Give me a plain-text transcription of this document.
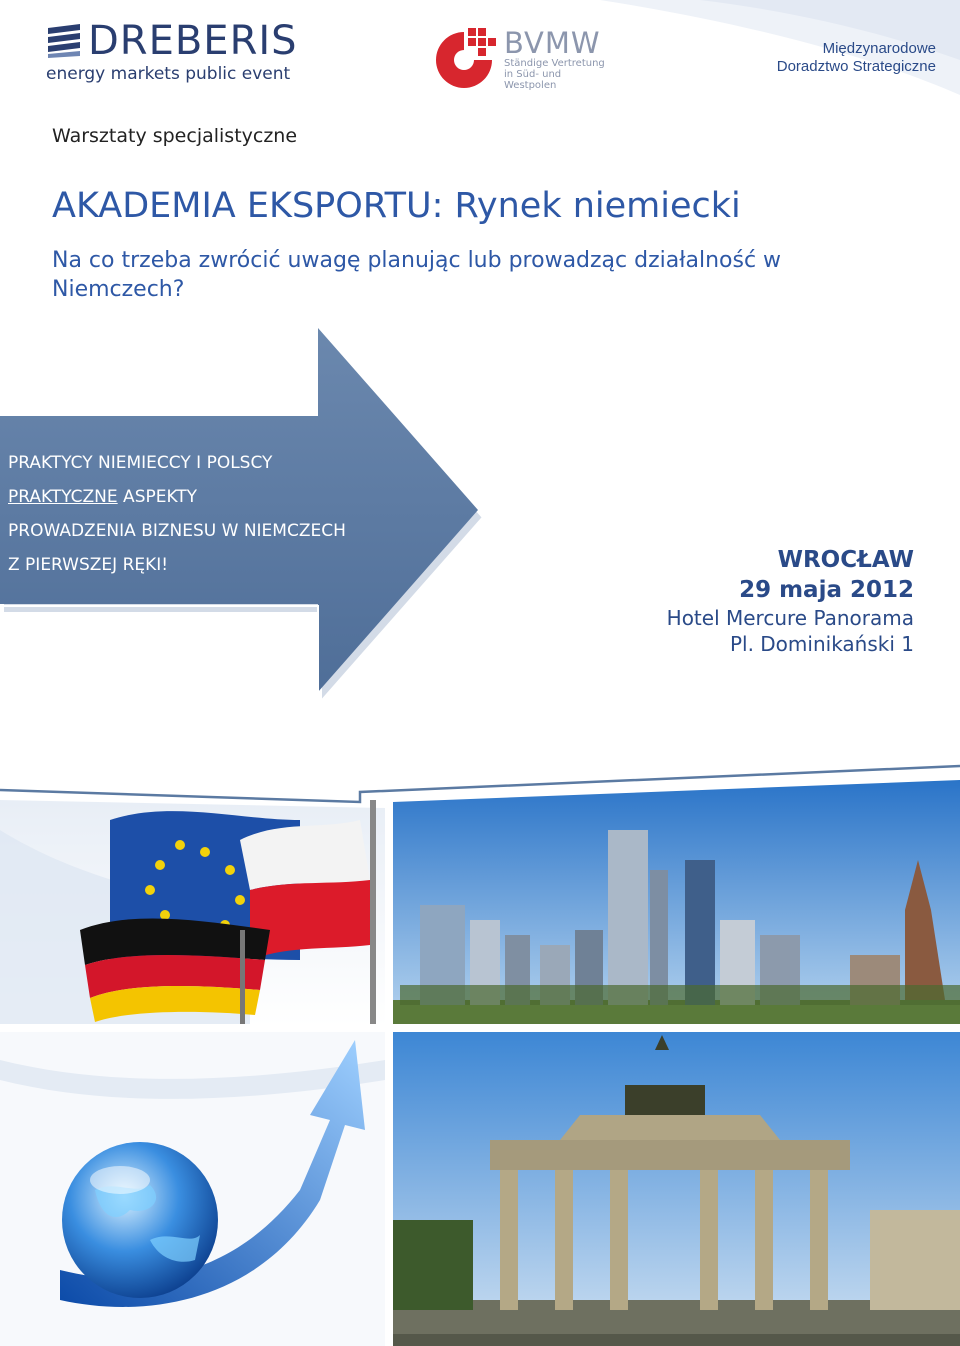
DREBERIS
energy markets public event
BVMW
Ständige Vertretung in Süd- und Westpolen
Międzynarodowe
Doradztwo Strategiczne
Warsztaty specjalistyczne
AKADEMIA EKSPORTU: Rynek niemiecki
Na co trzeba zwrócić uwagę planując lub prowadząc działalność w Niemczech?
PRAKTYCY NIEMIECCY I POLSCY
PRAKTYCZNE ASPEKTY
PROWADZENIA BIZNESU W NIEMCZECH
Z PIERWSZEJ RĘKI!	WROCŁAW
29 maja 2012
Hotel Mercure Panorama
Pl. Dominikański 1
